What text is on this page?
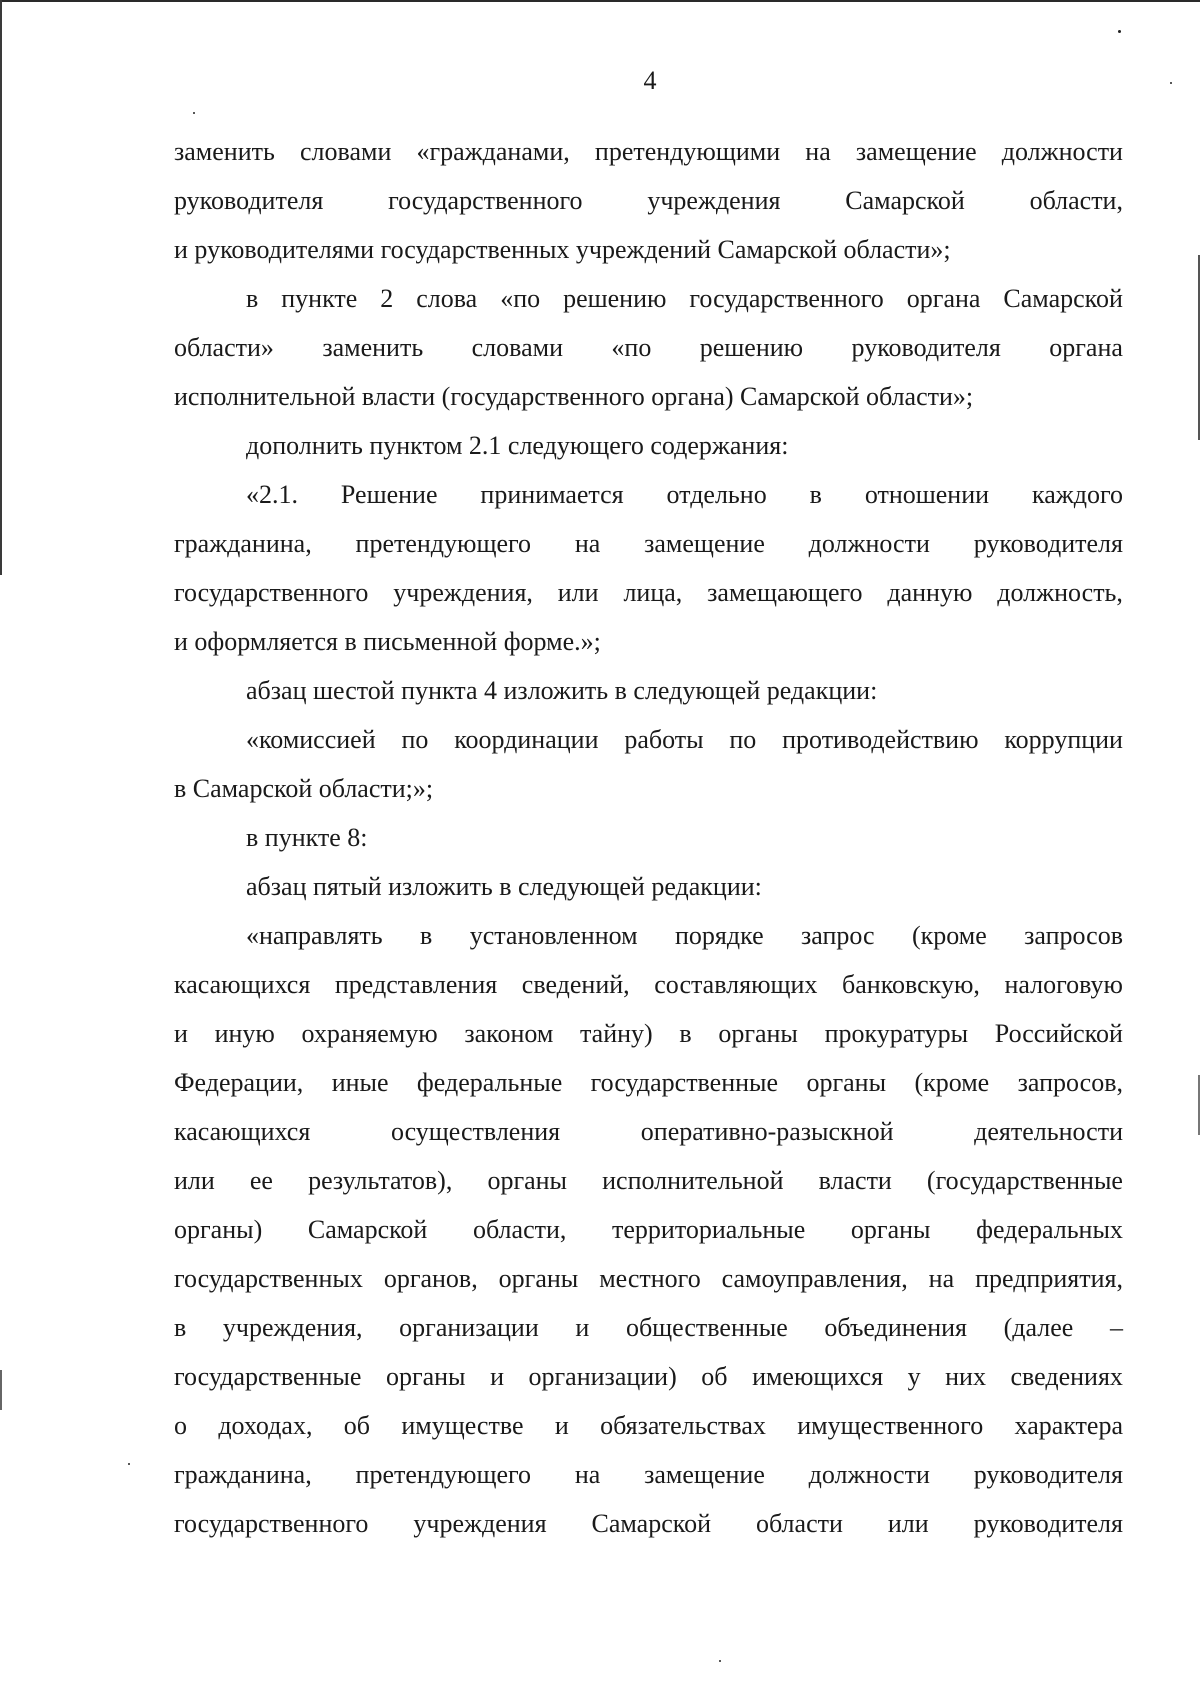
4
заменить словами «гражданами, претендующими на замещение должности
руководителя государственного учреждения Самарской области,
и руководителями государственных учреждений Самарской области»;
в пункте 2 слова «по решению государственного органа Самарской
области» заменить словами «по решению руководителя органа
исполнительной власти (государственного органа) Самарской области»;
дополнить пунктом 2.1 следующего содержания:
«2.1. Решение принимается отдельно в отношении каждого
гражданина, претендующего на замещение должности руководителя
государственного учреждения, или лица, замещающего данную должность,
и оформляется в письменной форме.»;
абзац шестой пункта 4 изложить в следующей редакции:
«комиссией по координации работы по противодействию коррупции
в Самарской области;»;
в пункте 8:
абзац пятый изложить в следующей редакции:
«направлять в установленном порядке запрос (кроме запросов
касающихся представления сведений, составляющих банковскую, налоговую
и иную охраняемую законом тайну) в органы прокуратуры Российской
Федерации, иные федеральные государственные органы (кроме запросов,
касающихся	осуществления	оперативно-разыскной	деятельности
или ее результатов), органы исполнительной власти (государственные
органы) Самарской области, территориальные органы федеральных
государственных органов, органы местного самоуправления, на предприятия,
в учреждения, организации и общественные объединения (далее –
государственные органы и организации) об имеющихся у них сведениях
о доходах, об имуществе и обязательствах имущественного характера
гражданина, претендующего на замещение должности руководителя
государственного учреждения Самарской области или руководителя
